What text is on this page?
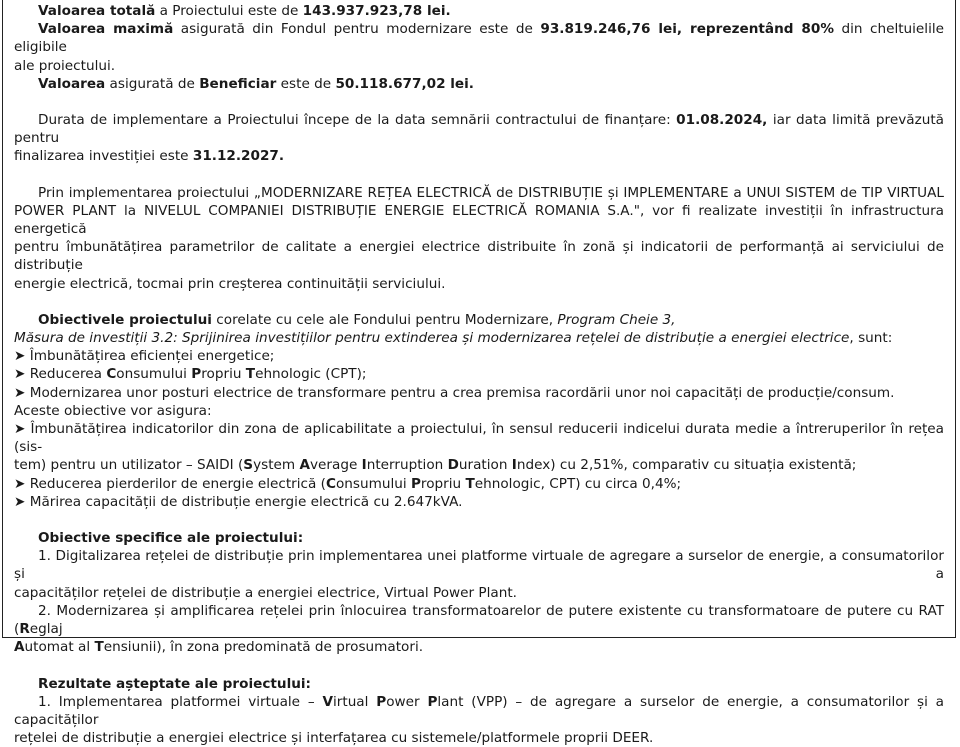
Valoarea totală a Proiectului este de 143.937.923,78 lei.

Valoarea maximă asigurată din Fondul pentru modernizare este de 93.819.246,76 lei, reprezentând 80% din cheltuielile eligibile

ale proiectului.

Valoarea asigurată de Beneficiar este de 50.118.677,02 lei.

Durata de implementare a Proiectului începe de la data semnării contractului de finanțare: 01.08.2024, iar data limită prevăzută pentru

finalizarea investiției este 31.12.2027.

Prin implementarea proiectului „MODERNIZARE REȚEA ELECTRICĂ de DISTRIBUȚIE și IMPLEMENTARE a UNUI SISTEM de TIP VIRTUAL

POWER PLANT la NIVELUL COMPANIEI DISTRIBUȚIE ENERGIE ELECTRICĂ ROMANIA S.A.", vor fi realizate investiții în infrastructura energetică

pentru îmbunătățirea parametrilor de calitate a energiei electrice distribuite în zonă și indicatorii de performanță ai serviciului de distribuție

energie electrică, tocmai prin creșterea continuității serviciului.

Obiectivele proiectului corelate cu cele ale Fondului pentru Modernizare, Program Cheie 3,

Măsura de investiții 3.2: Sprijinirea investițiilor pentru extinderea și modernizarea rețelei de distribuție a energiei electrice, sunt:

➤ Îmbunătățirea eficienței energetice;

➤ Reducerea Consumului Propriu Tehnologic (CPT);

➤ Modernizarea unor posturi electrice de transformare pentru a crea premisa racordării unor noi capacități de producție/consum.

Aceste obiective vor asigura:

➤ Îmbunătățirea indicatorilor din zona de aplicabilitate a proiectului, în sensul reducerii indicelui durata medie a întreruperilor în rețea (sis-

tem) pentru un utilizator – SAIDI (System Average Interruption Duration Index) cu 2,51%, comparativ cu situația existentă;

➤ Reducerea pierderilor de energie electrică (Consumului Propriu Tehnologic, CPT) cu circa 0,4%;

➤ Mărirea capacității de distribuție energie electrică cu 2.647kVA.

Obiective specifice ale proiectului:

1. Digitalizarea rețelei de distribuție prin implementarea unei platforme virtuale de agregare a surselor de energie, a consumatorilor și a

capacităților rețelei de distribuție a energiei electrice, Virtual Power Plant.

2. Modernizarea și amplificarea rețelei prin înlocuirea transformatoarelor de putere existente cu transformatoare de putere cu RAT (Reglaj

Automat al Tensiunii), în zona predominată de prosumatori.

Rezultate așteptate ale proiectului:

1. Implementarea platformei virtuale – Virtual Power Plant (VPP) – de agregare a surselor de energie, a consumatorilor și a capacităților

rețelei de distribuție a energiei electrice și interfațarea cu sistemele/platformele proprii DEER.
